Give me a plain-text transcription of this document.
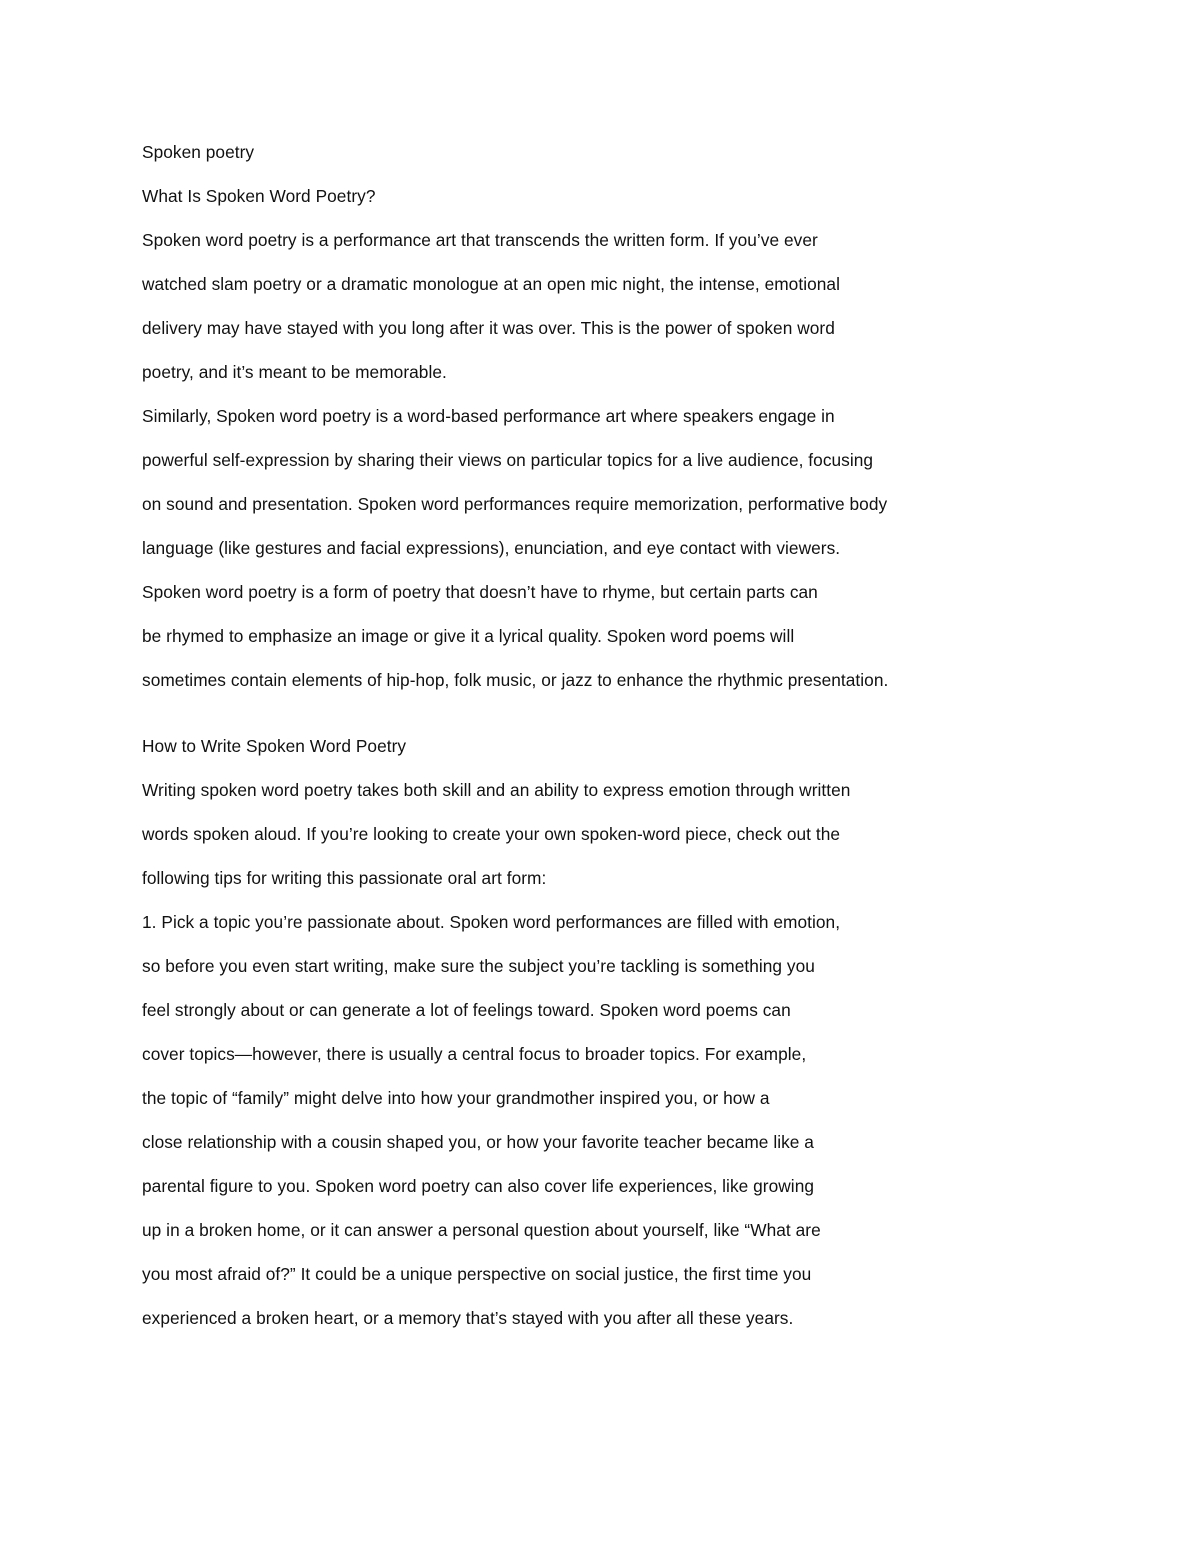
Spoken poetry
What Is Spoken Word Poetry?
Spoken word poetry is a performance art that transcends the written form. If you’ve ever
watched slam poetry or a dramatic monologue at an open mic night, the intense, emotional
delivery may have stayed with you long after it was over. This is the power of spoken word
poetry, and it’s meant to be memorable.
Similarly, Spoken word poetry is a word-based performance art where speakers engage in
powerful self-expression by sharing their views on particular topics for a live audience, focusing
on sound and presentation. Spoken word performances require memorization, performative body
language (like gestures and facial expressions), enunciation, and eye contact with viewers.
Spoken word poetry is a form of poetry that doesn’t have to rhyme, but certain parts can
be rhymed to emphasize an image or give it a lyrical quality. Spoken word poems will
sometimes contain elements of hip-hop, folk music, or jazz to enhance the rhythmic presentation.
How to Write Spoken Word Poetry
Writing spoken word poetry takes both skill and an ability to express emotion through written
words spoken aloud. If you’re looking to create your own spoken-word piece, check out the
following tips for writing this passionate oral art form:
1. Pick a topic you’re passionate about. Spoken word performances are filled with emotion,
so before you even start writing, make sure the subject you’re tackling is something you
feel strongly about or can generate a lot of feelings toward. Spoken word poems can
cover topics—however, there is usually a central focus to broader topics. For example,
the topic of “family” might delve into how your grandmother inspired you, or how a
close relationship with a cousin shaped you, or how your favorite teacher became like a
parental figure to you. Spoken word poetry can also cover life experiences, like growing
up in a broken home, or it can answer a personal question about yourself, like “What are
you most afraid of?” It could be a unique perspective on social justice, the first time you
experienced a broken heart, or a memory that’s stayed with you after all these years.
